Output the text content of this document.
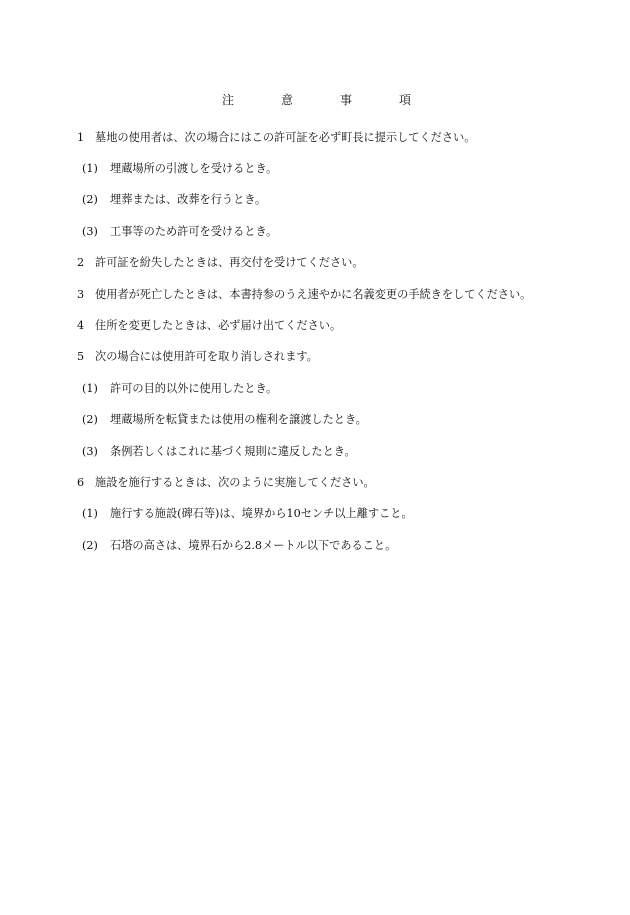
注	意	事	項
1 墓地の使用者は、次の場合にはこの許可証を必ず町長に提示してください。
(1)	埋蔵場所の引渡しを受けるとき。
(2)	埋葬または、改葬を行うとき。
(3)	工事等のため許可を受けるとき。
2 許可証を紛失したときは、再交付を受けてください。
3 使用者が死亡したときは、本書持参のうえ速やかに名義変更の手続きをしてください。
4 住所を変更したときは、必ず届け出てください。
5 次の場合には使用許可を取り消しされます。
(1)	許可の目的以外に使用したとき。
(2)	埋蔵場所を転貸または使用の権利を譲渡したとき。
(3)	条例若しくはこれに基づく規則に違反したとき。
6 施設を施行するときは、次のように実施してください。
(1)	施行する施設(碑石等)は、境界から10センチ以上離すこと。
(2)	石塔の高さは、境界石から2.8メートル以下であること。
